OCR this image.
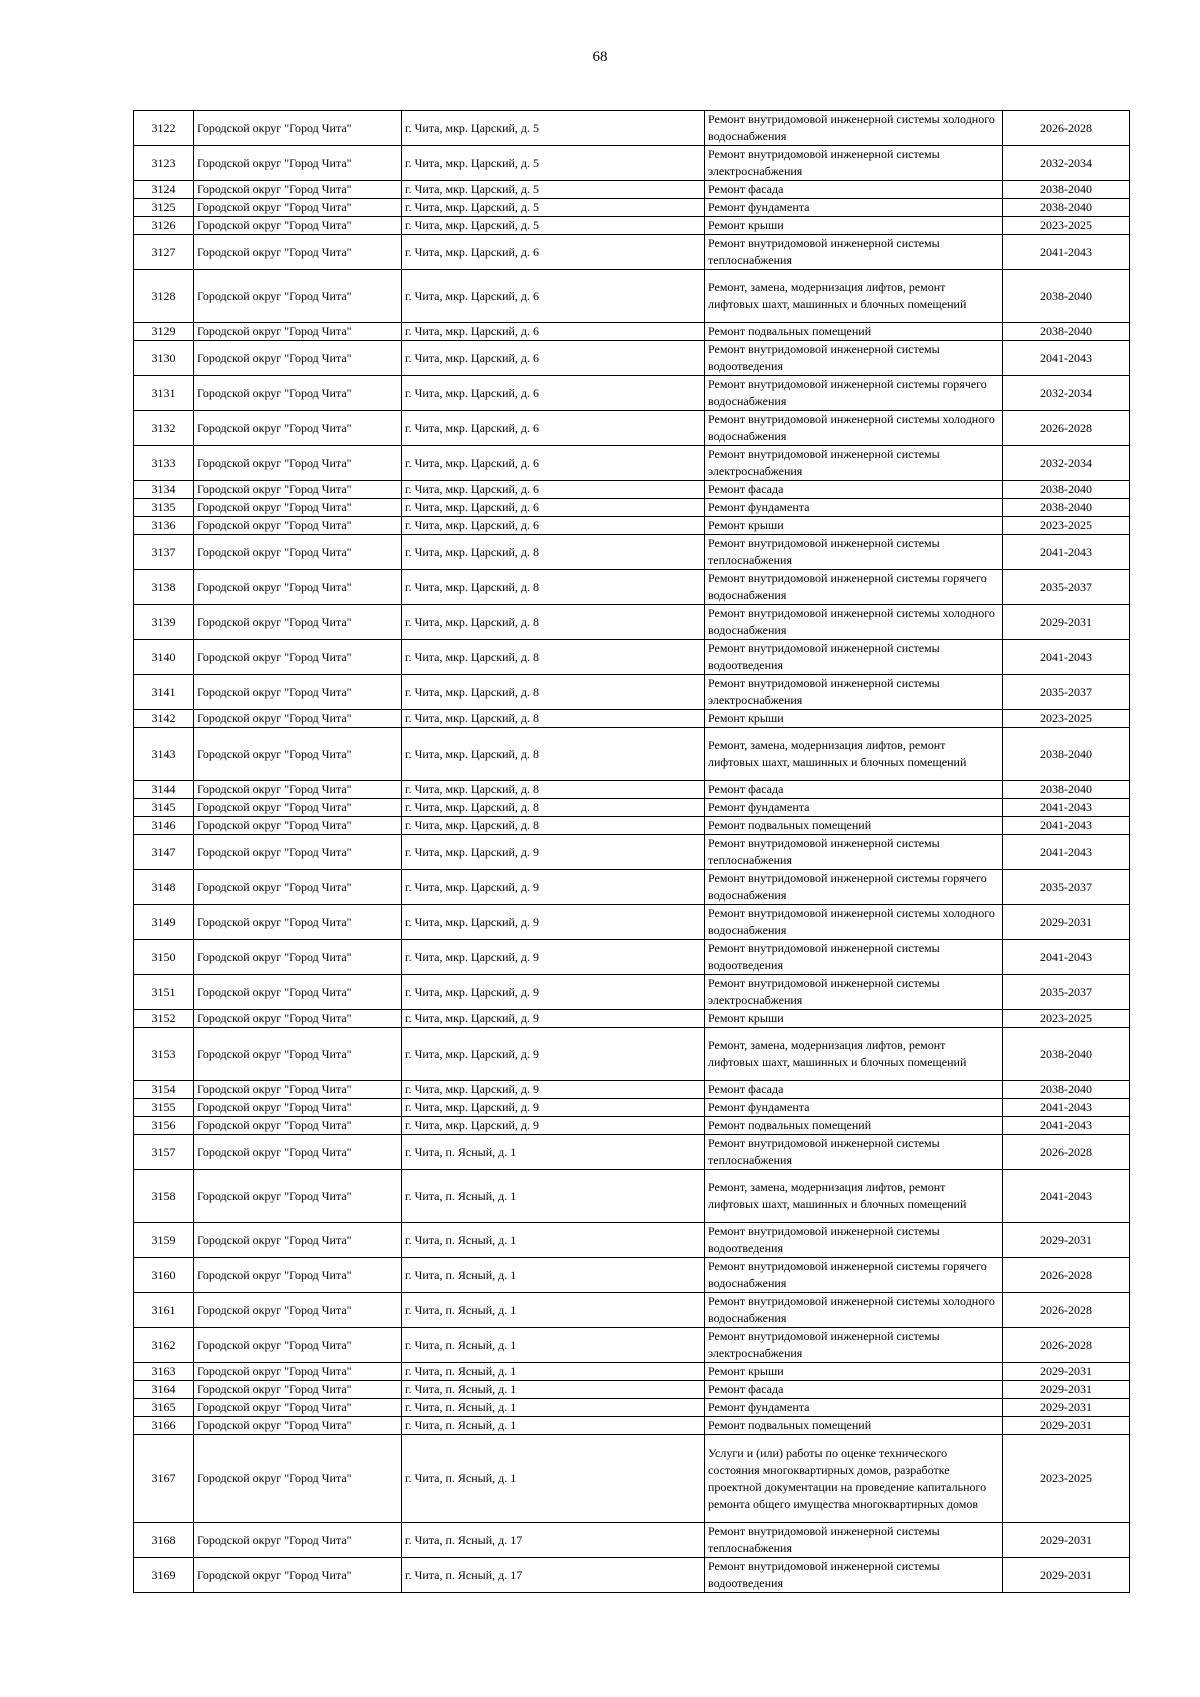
68
3122	Городской округ "Город Чита"	г. Чита, мкр. Царский, д. 5	Ремонт внутридомовой инженерной системы холодного водоснабжения	2026-2028
3123	Городской округ "Город Чита"	г. Чита, мкр. Царский, д. 5	Ремонт внутридомовой инженерной системы электроснабжения	2032-2034
3124	Городской округ "Город Чита"	г. Чита, мкр. Царский, д. 5	Ремонт фасада	2038-2040
3125	Городской округ "Город Чита"	г. Чита, мкр. Царский, д. 5	Ремонт фундамента	2038-2040
3126	Городской округ "Город Чита"	г. Чита, мкр. Царский, д. 5	Ремонт крыши	2023-2025
3127	Городской округ "Город Чита"	г. Чита, мкр. Царский, д. 6	Ремонт внутридомовой инженерной системы теплоснабжения	2041-2043
3128	Городской округ "Город Чита"	г. Чита, мкр. Царский, д. 6	Ремонт, замена, модернизация лифтов, ремонт лифтовых шахт, машинных и блочных помещений	2038-2040
3129	Городской округ "Город Чита"	г. Чита, мкр. Царский, д. 6	Ремонт подвальных помещений	2038-2040
3130	Городской округ "Город Чита"	г. Чита, мкр. Царский, д. 6	Ремонт внутридомовой инженерной системы водоотведения	2041-2043
3131	Городской округ "Город Чита"	г. Чита, мкр. Царский, д. 6	Ремонт внутридомовой инженерной системы горячего водоснабжения	2032-2034
3132	Городской округ "Город Чита"	г. Чита, мкр. Царский, д. 6	Ремонт внутридомовой инженерной системы холодного водоснабжения	2026-2028
3133	Городской округ "Город Чита"	г. Чита, мкр. Царский, д. 6	Ремонт внутридомовой инженерной системы электроснабжения	2032-2034
3134	Городской округ "Город Чита"	г. Чита, мкр. Царский, д. 6	Ремонт фасада	2038-2040
3135	Городской округ "Город Чита"	г. Чита, мкр. Царский, д. 6	Ремонт фундамента	2038-2040
3136	Городской округ "Город Чита"	г. Чита, мкр. Царский, д. 6	Ремонт крыши	2023-2025
3137	Городской округ "Город Чита"	г. Чита, мкр. Царский, д. 8	Ремонт внутридомовой инженерной системы теплоснабжения	2041-2043
3138	Городской округ "Город Чита"	г. Чита, мкр. Царский, д. 8	Ремонт внутридомовой инженерной системы горячего водоснабжения	2035-2037
3139	Городской округ "Город Чита"	г. Чита, мкр. Царский, д. 8	Ремонт внутридомовой инженерной системы холодного водоснабжения	2029-2031
3140	Городской округ "Город Чита"	г. Чита, мкр. Царский, д. 8	Ремонт внутридомовой инженерной системы водоотведения	2041-2043
3141	Городской округ "Город Чита"	г. Чита, мкр. Царский, д. 8	Ремонт внутридомовой инженерной системы электроснабжения	2035-2037
3142	Городской округ "Город Чита"	г. Чита, мкр. Царский, д. 8	Ремонт крыши	2023-2025
3143	Городской округ "Город Чита"	г. Чита, мкр. Царский, д. 8	Ремонт, замена, модернизация лифтов, ремонт лифтовых шахт, машинных и блочных помещений	2038-2040
3144	Городской округ "Город Чита"	г. Чита, мкр. Царский, д. 8	Ремонт фасада	2038-2040
3145	Городской округ "Город Чита"	г. Чита, мкр. Царский, д. 8	Ремонт фундамента	2041-2043
3146	Городской округ "Город Чита"	г. Чита, мкр. Царский, д. 8	Ремонт подвальных помещений	2041-2043
3147	Городской округ "Город Чита"	г. Чита, мкр. Царский, д. 9	Ремонт внутридомовой инженерной системы теплоснабжения	2041-2043
3148	Городской округ "Город Чита"	г. Чита, мкр. Царский, д. 9	Ремонт внутридомовой инженерной системы горячего водоснабжения	2035-2037
3149	Городской округ "Город Чита"	г. Чита, мкр. Царский, д. 9	Ремонт внутридомовой инженерной системы холодного водоснабжения	2029-2031
3150	Городской округ "Город Чита"	г. Чита, мкр. Царский, д. 9	Ремонт внутридомовой инженерной системы водоотведения	2041-2043
3151	Городской округ "Город Чита"	г. Чита, мкр. Царский, д. 9	Ремонт внутридомовой инженерной системы электроснабжения	2035-2037
3152	Городской округ "Город Чита"	г. Чита, мкр. Царский, д. 9	Ремонт крыши	2023-2025
3153	Городской округ "Город Чита"	г. Чита, мкр. Царский, д. 9	Ремонт, замена, модернизация лифтов, ремонт лифтовых шахт, машинных и блочных помещений	2038-2040
3154	Городской округ "Город Чита"	г. Чита, мкр. Царский, д. 9	Ремонт фасада	2038-2040
3155	Городской округ "Город Чита"	г. Чита, мкр. Царский, д. 9	Ремонт фундамента	2041-2043
3156	Городской округ "Город Чита"	г. Чита, мкр. Царский, д. 9	Ремонт подвальных помещений	2041-2043
3157	Городской округ "Город Чита"	г. Чита, п. Ясный, д. 1	Ремонт внутридомовой инженерной системы теплоснабжения	2026-2028
3158	Городской округ "Город Чита"	г. Чита, п. Ясный, д. 1	Ремонт, замена, модернизация лифтов, ремонт лифтовых шахт, машинных и блочных помещений	2041-2043
3159	Городской округ "Город Чита"	г. Чита, п. Ясный, д. 1	Ремонт внутридомовой инженерной системы водоотведения	2029-2031
3160	Городской округ "Город Чита"	г. Чита, п. Ясный, д. 1	Ремонт внутридомовой инженерной системы горячего водоснабжения	2026-2028
3161	Городской округ "Город Чита"	г. Чита, п. Ясный, д. 1	Ремонт внутридомовой инженерной системы холодного водоснабжения	2026-2028
3162	Городской округ "Город Чита"	г. Чита, п. Ясный, д. 1	Ремонт внутридомовой инженерной системы электроснабжения	2026-2028
3163	Городской округ "Город Чита"	г. Чита, п. Ясный, д. 1	Ремонт крыши	2029-2031
3164	Городской округ "Город Чита"	г. Чита, п. Ясный, д. 1	Ремонт фасада	2029-2031
3165	Городской округ "Город Чита"	г. Чита, п. Ясный, д. 1	Ремонт фундамента	2029-2031
3166	Городской округ "Город Чита"	г. Чита, п. Ясный, д. 1	Ремонт подвальных помещений	2029-2031
3167	Городской округ "Город Чита"	г. Чита, п. Ясный, д. 1	Услуги и (или) работы по оценке технического состояния многоквартирных домов, разработке проектной документации на проведение капитального ремонта общего имущества многоквартирных домов	2023-2025
3168	Городской округ "Город Чита"	г. Чита, п. Ясный, д. 17	Ремонт внутридомовой инженерной системы теплоснабжения	2029-2031
3169	Городской округ "Город Чита"	г. Чита, п. Ясный, д. 17	Ремонт внутридомовой инженерной системы водоотведения	2029-2031
